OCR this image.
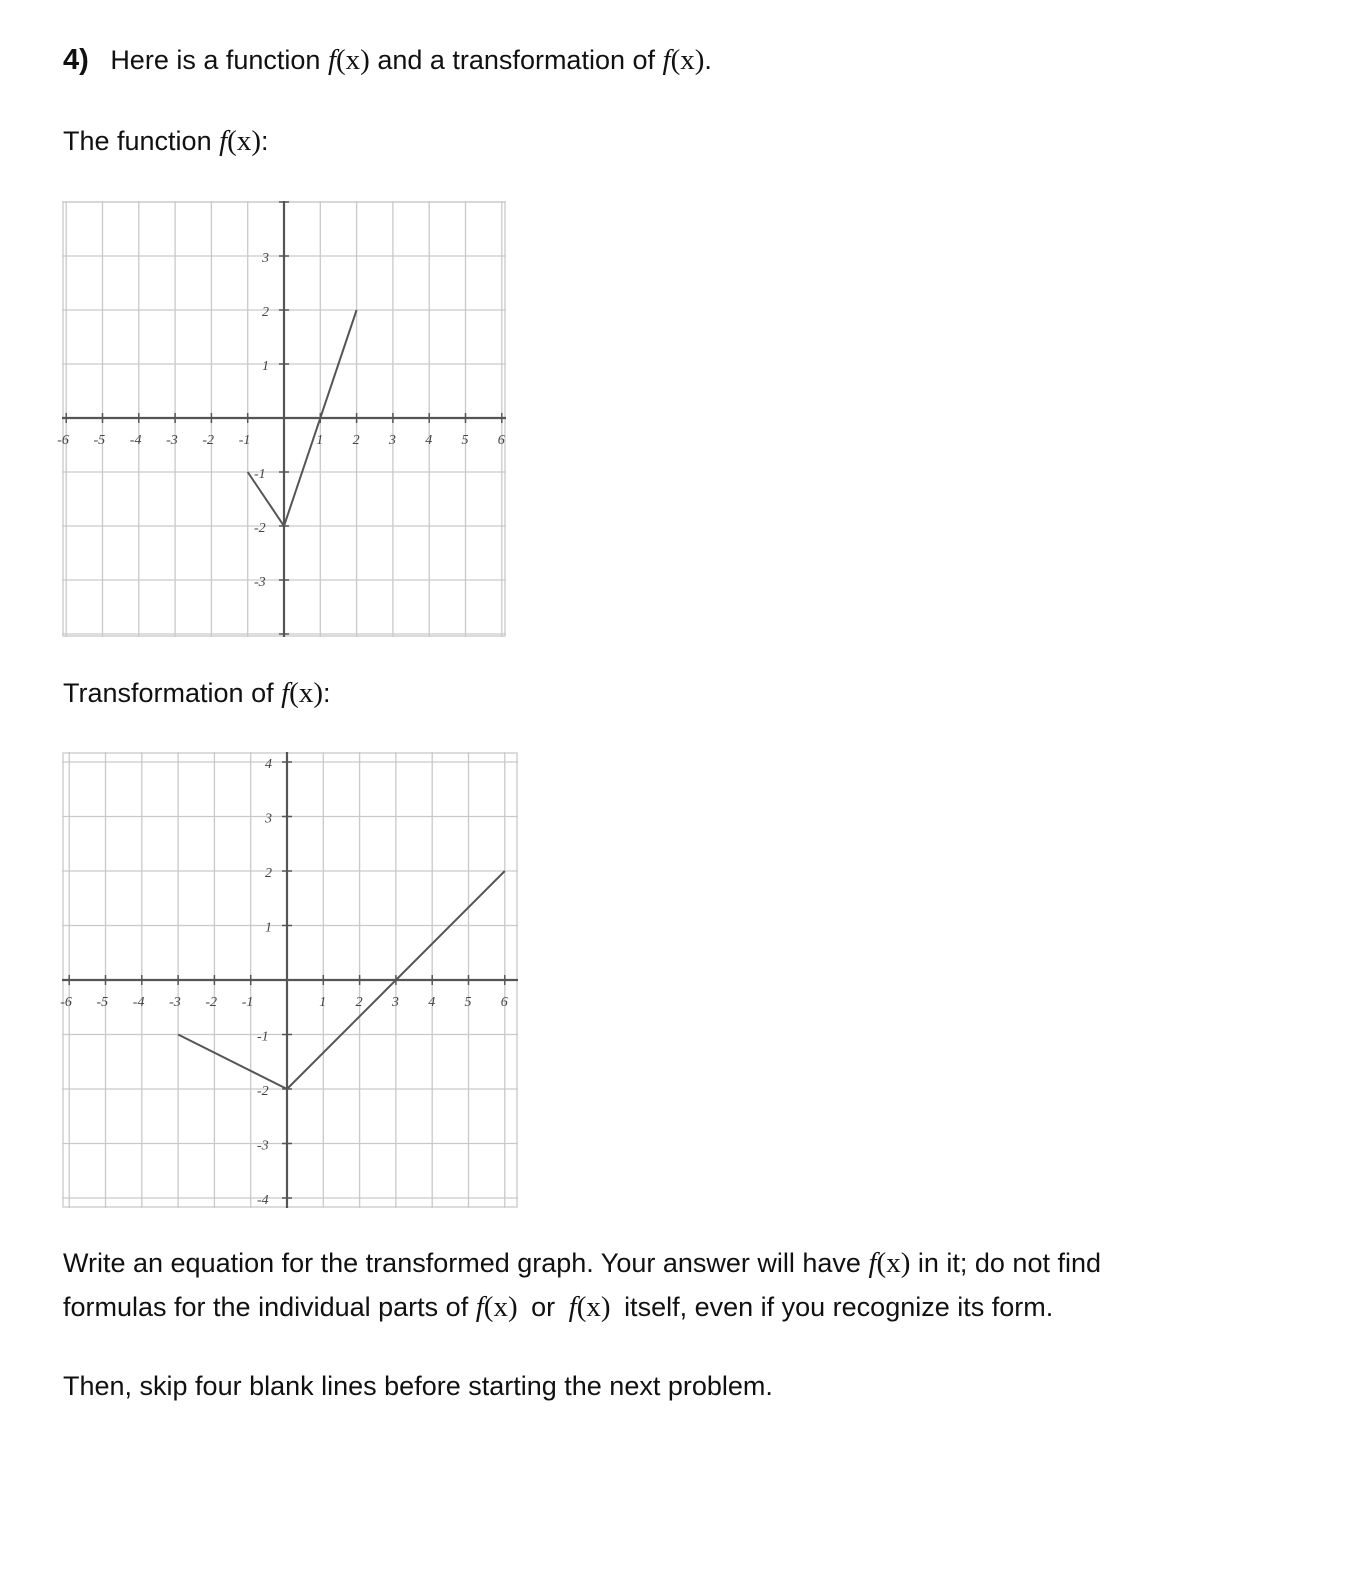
4) Here is a function f(x) and a transformation of f(x).
The function f(x):
-6 -5 -4 -3 -2 -1	1 2 3 4 5 6
3
2
1
-1
-2
-3
Transformation of f(x):
-6 -5 -4 -3 -2 -1	1 2 3 4 5 6
4
3
2
1
-1
-2
-3
-4
Write an equation for the transformed graph. Your answer will have f(x) in it; do not find
formulas for the individual parts of f(x) or f(x) itself, even if you recognize its form.
Then, skip four blank lines before starting the next problem.
